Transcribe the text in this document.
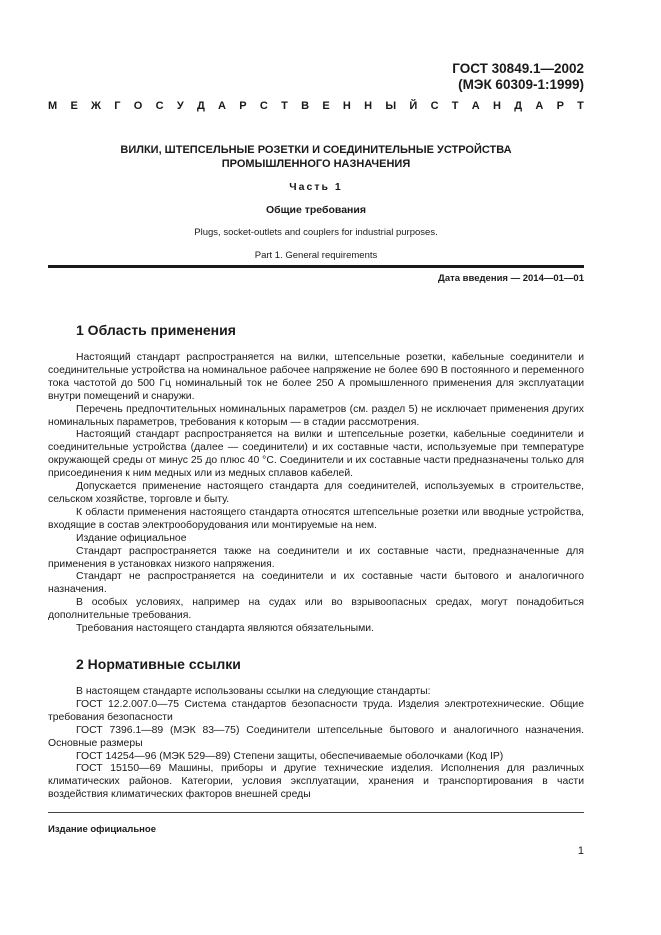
ГОСТ 30849.1—2002
(МЭК 60309-1:1999)
М Е Ж Г О С У Д А Р С Т В Е Н Н Ы Й С Т А Н Д А Р Т
ВИЛКИ, ШТЕПСЕЛЬНЫЕ РОЗЕТКИ И СОЕДИНИТЕЛЬНЫЕ УСТРОЙСТВА
ПРОМЫШЛЕННОГО НАЗНАЧЕНИЯ
Часть 1
Общие требования
Plugs, socket-outlets and couplers for industrial purposes.
Part 1. General requirements
Дата введения — 2014—01—01
1 Область применения

Настоящий стандарт распространяется на вилки, штепсельные розетки, кабельные соединители и соединительные устройства на номинальное рабочее напряжение не более 690 В постоянного и переменного тока частотой до 500 Гц номинальный ток не более 250 А промышленного применения для эксплуатации внутри помещений и снаружи.

Перечень предпочтительных номинальных параметров (см. раздел 5) не исключает применения других номинальных параметров, требования к которым — в стадии рассмотрения.

Настоящий стандарт распространяется на вилки и штепсельные розетки, кабельные соединители и соединительные устройства (далее — соединители) и их составные части, используемые при температуре окружающей среды от минус 25 до плюс 40 °С. Соединители и их составные части предназначены только для присоединения к ним медных или из медных сплавов кабелей.

Допускается применение настоящего стандарта для соединителей, используемых в строительстве, сельском хозяйстве, торговле и быту.

К области применения настоящего стандарта относятся штепсельные розетки или вводные устройства, входящие в состав электрооборудования или монтируемые на нем.

Издание официальное

Стандарт распространяется также на соединители и их составные части, предназначенные для применения в установках низкого напряжения.

Стандарт не распространяется на соединители и их составные части бытового и аналогичного назначения.

В особых условиях, например на судах или во взрывоопасных средах, могут понадобиться дополнительные требования.

Требования настоящего стандарта являются обязательными.

2 Нормативные ссылки

В настоящем стандарте использованы ссылки на следующие стандарты:

ГОСТ 12.2.007.0—75 Система стандартов безопасности труда. Изделия электротехнические. Общие требования безопасности

ГОСТ 7396.1—89 (МЭК 83—75) Соединители штепсельные бытового и аналогичного назначения. Основные размеры

ГОСТ 14254—96 (МЭК 529—89) Степени защиты, обеспечиваемые оболочками (Код IP)

ГОСТ 15150—69 Машины, приборы и другие технические изделия. Исполнения для различных климатических районов. Категории, условия эксплуатации, хранения и транспортирования в части воздействия климатических факторов внешней среды

Издание официальное
1
